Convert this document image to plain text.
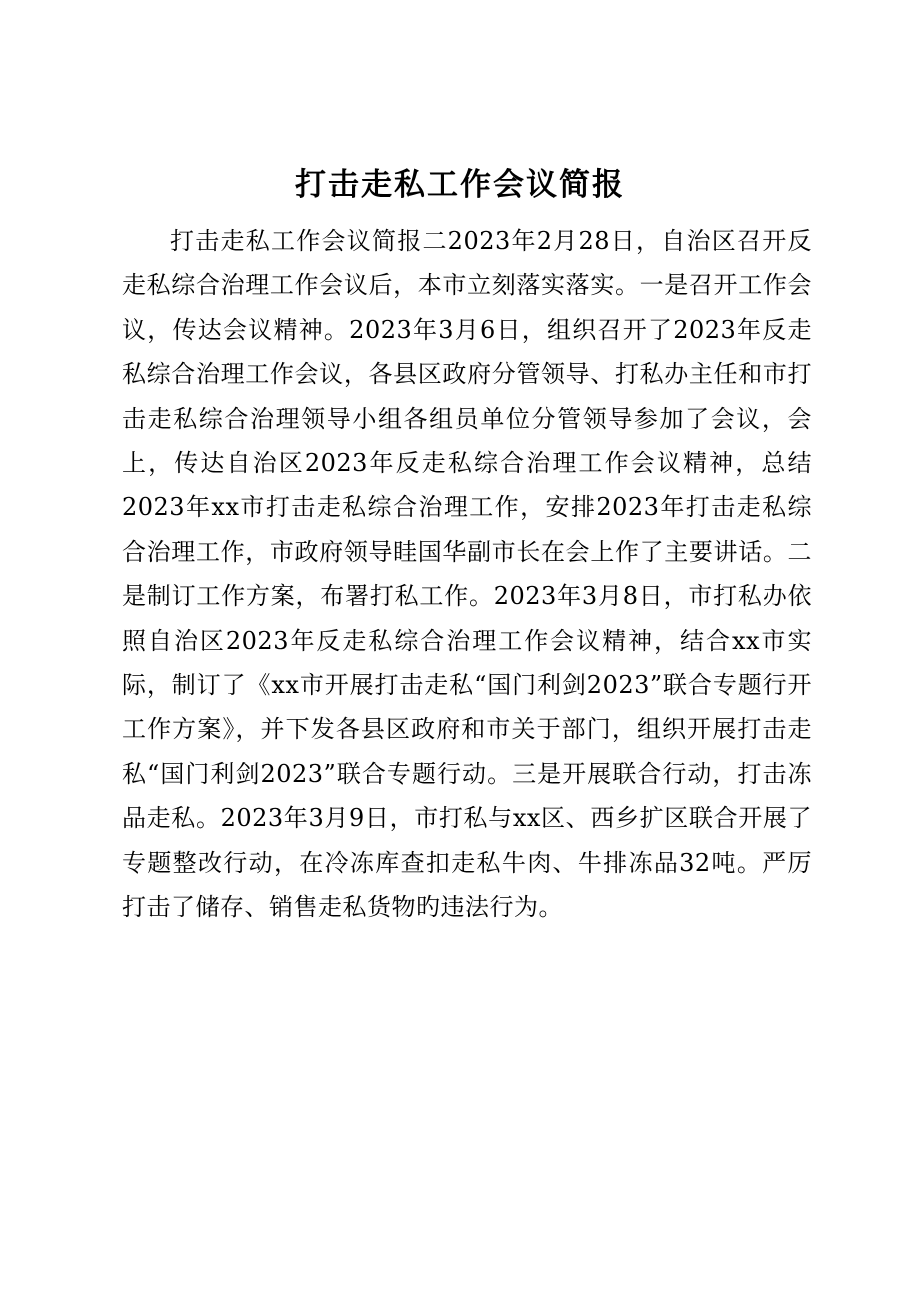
打击走私工作会议简报

打击走私工作会议简报二2023年2月28日，自治区召开反走私综合治理工作会议后，本市立刻落实落实。一是召开工作会议，传达会议精神。2023年3月6日，组织召开了2023年反走私综合治理工作会议，各县区政府分管领导、打私办主任和市打击走私综合治理领导小组各组员单位分管领导参加了会议，会上，传达自治区2023年反走私综合治理工作会议精神，总结2023年xx市打击走私综合治理工作，安排2023年打击走私综合治理工作，市政府领导眭国华副市长在会上作了主要讲话。二是制订工作方案，布署打私工作。2023年3月8日，市打私办依照自治区2023年反走私综合治理工作会议精神，结合xx市实际，制订了《xx市开展打击走私“国门利剑2023”联合专题行开工作方案》，并下发各县区政府和市关于部门，组织开展打击走私“国门利剑2023”联合专题行动。三是开展联合行动，打击冻品走私。2023年3月9日，市打私与xx区、西乡扩区联合开展了专题整改行动，在冷冻库查扣走私牛肉、牛排冻品32吨。严厉打击了储存、销售走私货物旳违法行为。
